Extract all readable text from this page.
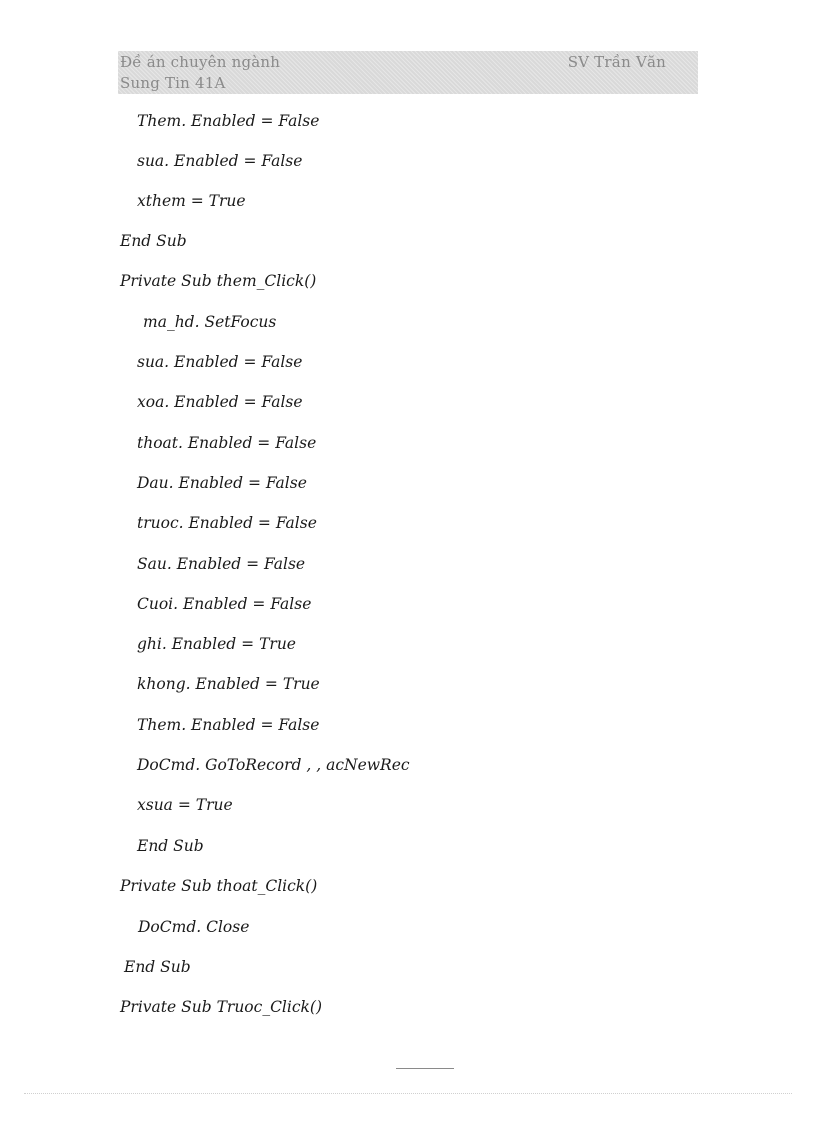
Đề án chuyên ngành
Sung Tin 41A
SV Trần Văn
Them. Enabled = False
sua. Enabled = False
xthem = True
End Sub
Private Sub them_Click()
ma_hd. SetFocus
sua. Enabled = False
xoa. Enabled = False
thoat. Enabled = False
Dau. Enabled = False
truoc. Enabled = False
Sau. Enabled = False
Cuoi. Enabled = False
ghi. Enabled = True
khong. Enabled = True
Them. Enabled = False
DoCmd. GoToRecord , , acNewRec
xsua = True
End Sub
Private Sub thoat_Click()
DoCmd. Close
End Sub
Private Sub Truoc_Click()
